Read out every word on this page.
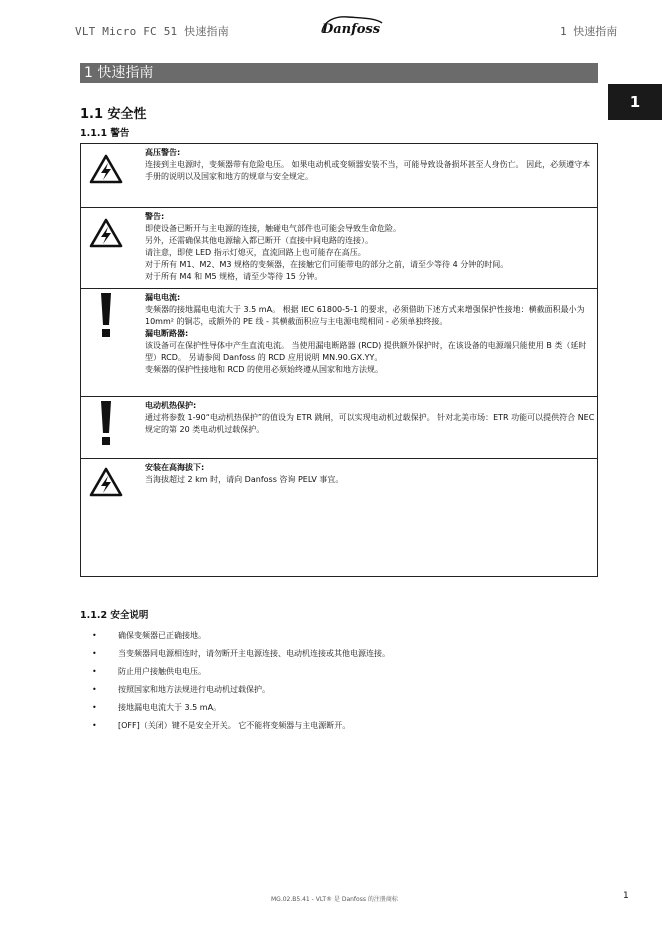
VLT Micro FC 51 快速指南	Danfoss	1 快速指南
1 快速指南
1
1.1 安全性
1.1.1 警告
高压警告:

连接到主电源时，变频器带有危险电压。 如果电动机或变频器安装不当，可能导致设备损坏甚至人身伤亡。 因此，必须遵守本手册的说明以及国家和地方的规章与安全规定。

警告:

即使设备已断开与主电源的连接，触碰电气部件也可能会导致生命危险。

另外，还需确保其他电源输入都已断开（直接中间电路的连接）。

请注意，即使 LED 指示灯熄灭，直流回路上也可能存在高压。

对于所有 M1、M2、M3 规格的变频器，在接触它们可能带电的部分之前，请至少等待 4 分钟的时间。

对于所有 M4 和 M5 规格，请至少等待 15 分钟。

漏电电流:

变频器的接地漏电电流大于 3.5 mA。 根据 IEC 61800-5-1 的要求，必须借助下述方式来增强保护性接地：横截面积最小为 10mm² 的铜芯，或额外的 PE 线 - 其横截面积应与主电源电缆相同 - 必须单独终接。

漏电断路器:

该设备可在保护性导体中产生直流电流。 当使用漏电断路器 (RCD) 提供额外保护时，在该设备的电源端只能使用 B 类（延时型）RCD。 另请参阅 Danfoss 的 RCD 应用说明 MN.90.GX.YY。

变频器的保护性接地和 RCD 的使用必须始终遵从国家和地方法规。

电动机热保护:

通过将参数 1-90“电动机热保护”的值设为 ETR 跳闸，可以实现电动机过载保护。 针对北美市场：ETR 功能可以提供符合 NEC 规定的第 20 类电动机过载保护。

安装在高海拔下:

当海拔超过 2 km 时，请向 Danfoss 咨询 PELV 事宜。

1.1.2 安全说明
•	确保变频器已正确接地。
•	当变频器同电源相连时，请勿断开主电源连接、电动机连接或其他电源连接。
•	防止用户接触供电电压。
•	按照国家和地方法规进行电动机过载保护。
•	接地漏电电流大于 3.5 mA。
•	[OFF]（关闭）键不是安全开关。 它不能将变频器与主电源断开。
MG.02.B5.41 - VLT® 是 Danfoss 的注册商标	1
